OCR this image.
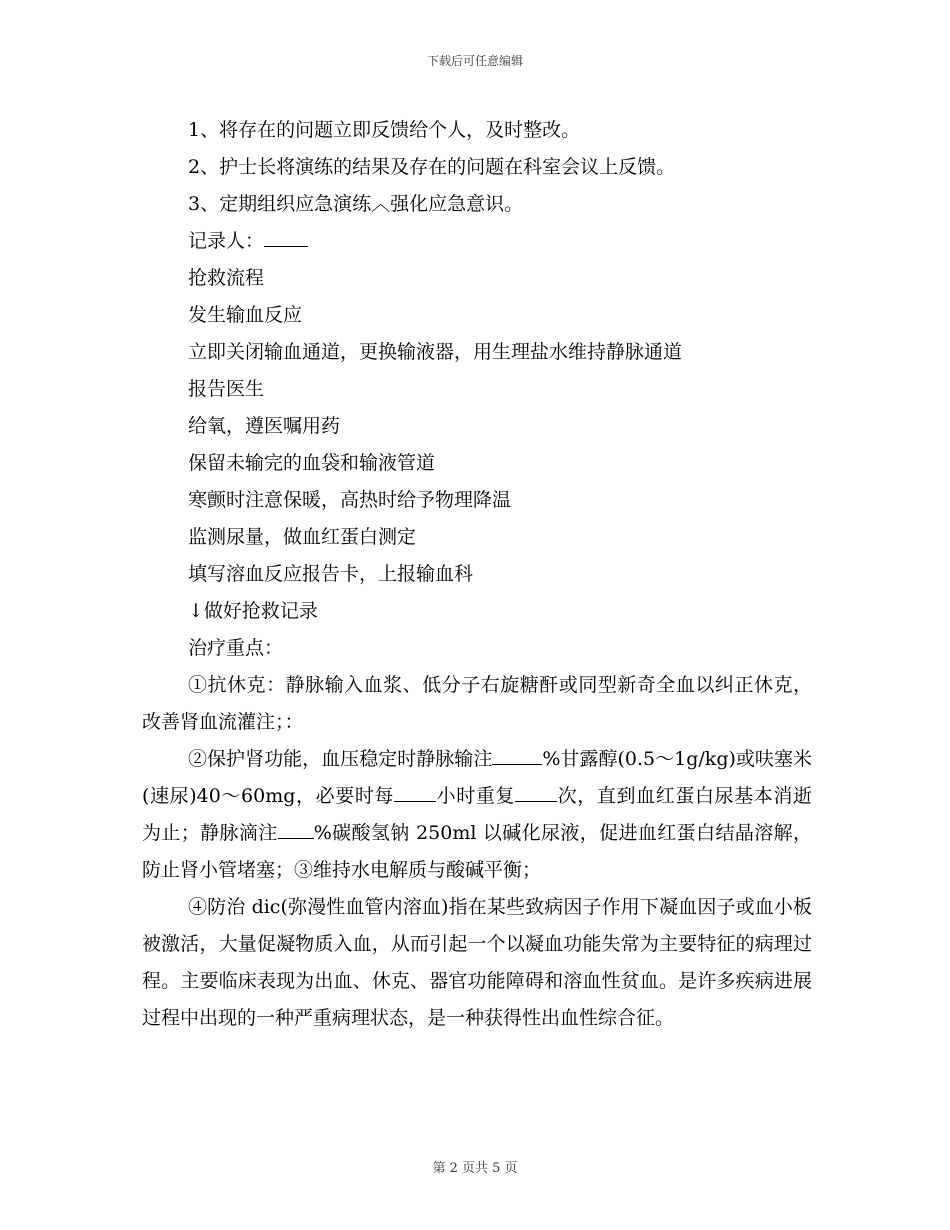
下载后可任意编辑

1、将存在的问题立即反馈给个人，及时整改。

2、护士长将演练的结果及存在的问题在科室会议上反馈。

3、定期组织应急演练︿强化应急意识。

记录人：

抢救流程

发生输血反应

立即关闭输血通道，更换输液器，用生理盐水维持静脉通道

报告医生

给氧，遵医嘱用药

保留未输完的血袋和输液管道

寒颤时注意保暖，高热时给予物理降温

监测尿量，做血红蛋白测定

填写溶血反应报告卡，上报输血科

↓做好抢救记录

治疗重点：

①抗休克：静脉输入血浆、低分子右旋糖酐或同型新奇全血以纠正休克，改善肾血流灌注；：

②保护肾功能，血压稳定时静脉输注	%甘露醇(0.5～1g/kg)或呋塞米(速尿)40～60mg，必要时每 小时重复 次，直到血红蛋白尿基本消逝为止；静脉滴注 %碳酸氢钠 250ml 以碱化尿液，促进血红蛋白结晶溶解，防止肾小管堵塞；③维持水电解质与酸碱平衡；

④防治 dic(弥漫性血管内溶血)指在某些致病因子作用下凝血因子或血小板被激活，大量促凝物质入血，从而引起一个以凝血功能失常为主要特征的病理过程。主要临床表现为出血、休克、器官功能障碍和溶血性贫血。是许多疾病进展过程中出现的一种严重病理状态，是一种获得性出血性综合征。

第 2 页共 5 页
